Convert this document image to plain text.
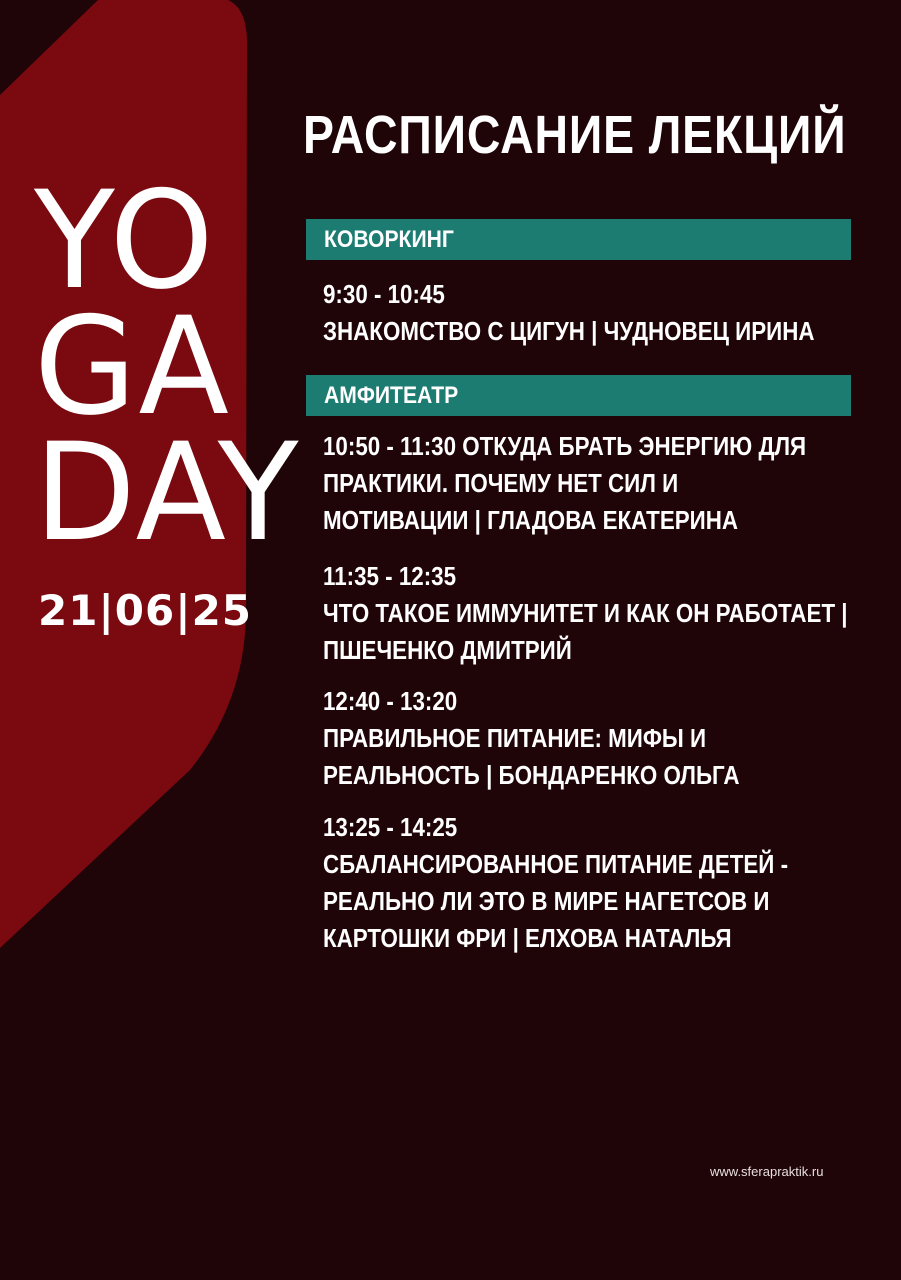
YO
GA
DAY
21|06|25
РАСПИСАНИЕ ЛЕКЦИЙ
КОВОРКИНГ
9:30 - 10:45
ЗНАКОМСТВО С ЦИГУН | ЧУДНОВЕЦ ИРИНА
АМФИТЕАТР
10:50 - 11:30 ОТКУДА БРАТЬ ЭНЕРГИЮ ДЛЯ
ПРАКТИКИ. ПОЧЕМУ НЕТ СИЛ И
МОТИВАЦИИ | ГЛАДОВА ЕКАТЕРИНА
11:35 - 12:35
ЧТО ТАКОЕ ИММУНИТЕТ И КАК ОН РАБОТАЕТ |
ПШЕЧЕНКО ДМИТРИЙ
12:40 - 13:20
ПРАВИЛЬНОЕ ПИТАНИЕ: МИФЫ И
РЕАЛЬНОСТЬ | БОНДАРЕНКО ОЛЬГА
13:25 - 14:25
СБАЛАНСИРОВАННОЕ ПИТАНИЕ ДЕТЕЙ -
РЕАЛЬНО ЛИ ЭТО В МИРЕ НАГЕТСОВ И
КАРТОШКИ ФРИ | ЕЛХОВА НАТАЛЬЯ
www.sferapraktik.ru
